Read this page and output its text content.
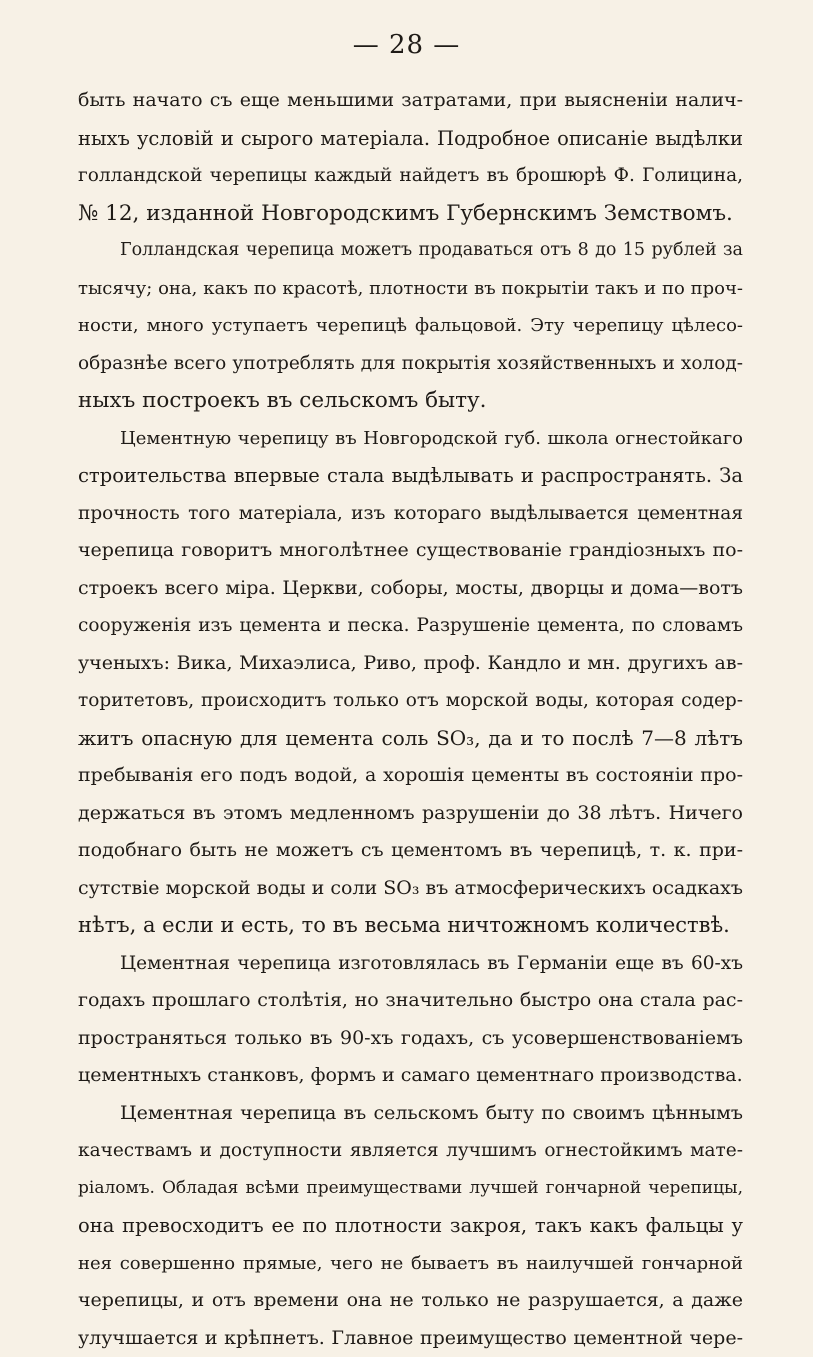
— 28 —
быть начато съ еще меньшими затратами, при выясненіи налич-
ныхъ условій и сырого матеріала. Подробное описаніе выдѣлки
голландской черепицы каждый найдетъ въ брошюрѣ Ф. Голицина,
№ 12, изданной Новгородскимъ Губернскимъ Земствомъ.
Голландская черепица можетъ продаваться отъ 8 до 15 рублей за
тысячу; она, какъ по красотѣ, плотности въ покрытіи такъ и по проч-
ности, много уступаетъ черепицѣ фальцовой. Эту черепицу цѣлесо-
образнѣе всего употреблять для покрытія хозяйственныхъ и холод-
ныхъ построекъ въ сельскомъ быту.
Цементную черепицу въ Новгородской губ. школа огнестойкаго
строительства впервые стала выдѣлывать и распространять. За
прочность того матеріала, изъ котораго выдѣлывается цементная
черепица говоритъ многолѣтнее существованіе грандіозныхъ по-
строекъ всего міра. Церкви, соборы, мосты, дворцы и дома—вотъ
сооруженія изъ цемента и песка. Разрушеніе цемента, по словамъ
ученыхъ: Вика, Михаэлиса, Риво, проф. Кандло и мн. другихъ ав-
торитетовъ, происходитъ только отъ морской воды, которая содер-
житъ опасную для цемента соль SO₃, да и то послѣ 7—8 лѣтъ
пребыванія его подъ водой, а хорошія цементы въ состояніи про-
держаться въ этомъ медленномъ разрушеніи до 38 лѣтъ. Ничего
подобнаго быть не можетъ съ цементомъ въ черепицѣ, т. к. при-
сутствіе морской воды и соли SO₃ въ атмосферическихъ осадкахъ
нѣтъ, а если и есть, то въ весьма ничтожномъ количествѣ.
Цементная черепица изготовлялась въ Германіи еще въ 60-хъ
годахъ прошлаго столѣтія, но значительно быстро она стала рас-
пространяться только въ 90-хъ годахъ, съ усовершенствованіемъ
цементныхъ станковъ, формъ и самаго цементнаго производства.
Цементная черепица въ сельскомъ быту по своимъ цѣннымъ
качествамъ и доступности является лучшимъ огнестойкимъ мате-
ріаломъ. Обладая всѣми преимуществами лучшей гончарной черепицы,
она превосходитъ ее по плотности закроя, такъ какъ фальцы у
нея совершенно прямые, чего не бываетъ въ наилучшей гончарной
черепицы, и отъ времени она не только не разрушается, а даже
улучшается и крѣпнетъ. Главное преимущество цементной чере-
